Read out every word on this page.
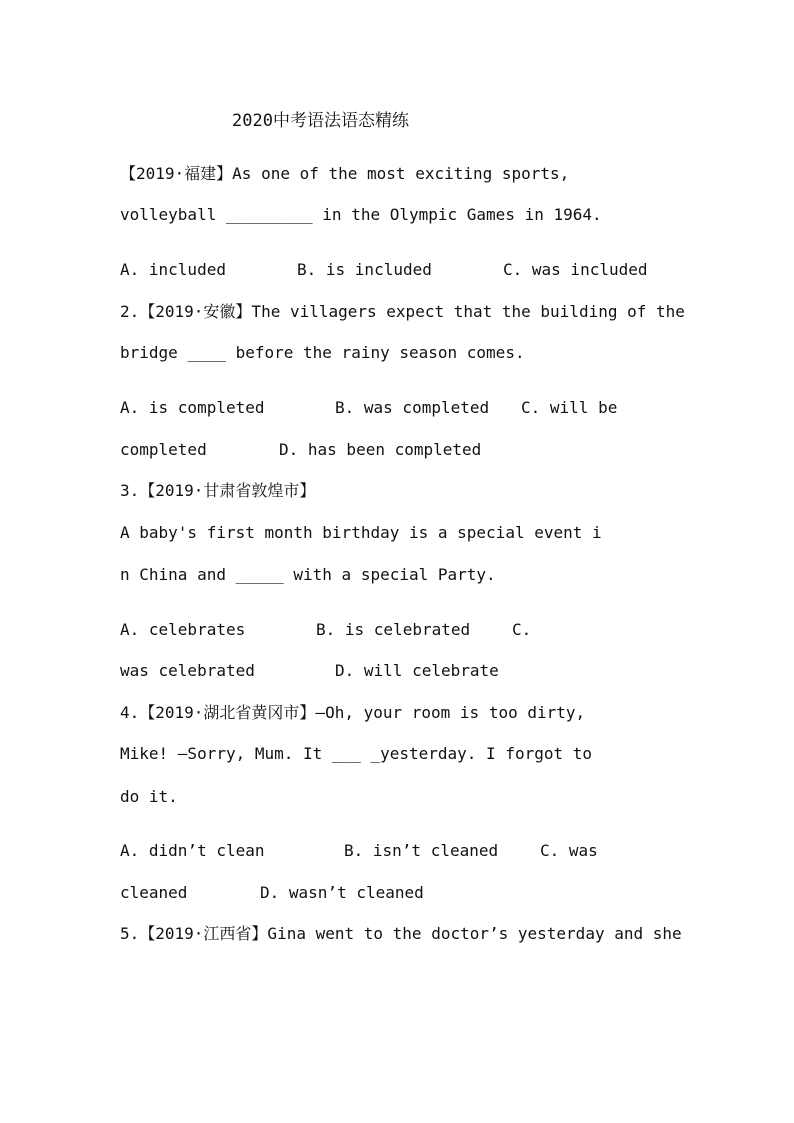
2020中考语法语态精练
【2019·福建】As one of the most exciting sports,
volleyball _________ in the Olympic Games in 1964.
A. included	B. is included	C. was included
2.【2019·安徽】The villagers expect that the building of the
bridge ____ before the rainy season comes.
A. is completed	B. was completed C. will be
completed	D. has been completed
3.【2019·甘肃省敦煌市】
A baby's first month birthday is a special event i
n China and _____ with a special Party.
A. celebrates	B. is celebrated	C.
was celebrated	D. will celebrate
4.【2019·湖北省黄冈市】—Oh, your room is too dirty,
Mike! —Sorry, Mum. It ___ _yesterday. I forgot to
do it.
A. didn’t clean	B. isn’t cleaned	C. was
cleaned	D. wasn’t cleaned
5.【2019·江西省】Gina went to the doctor’s yesterday and she
